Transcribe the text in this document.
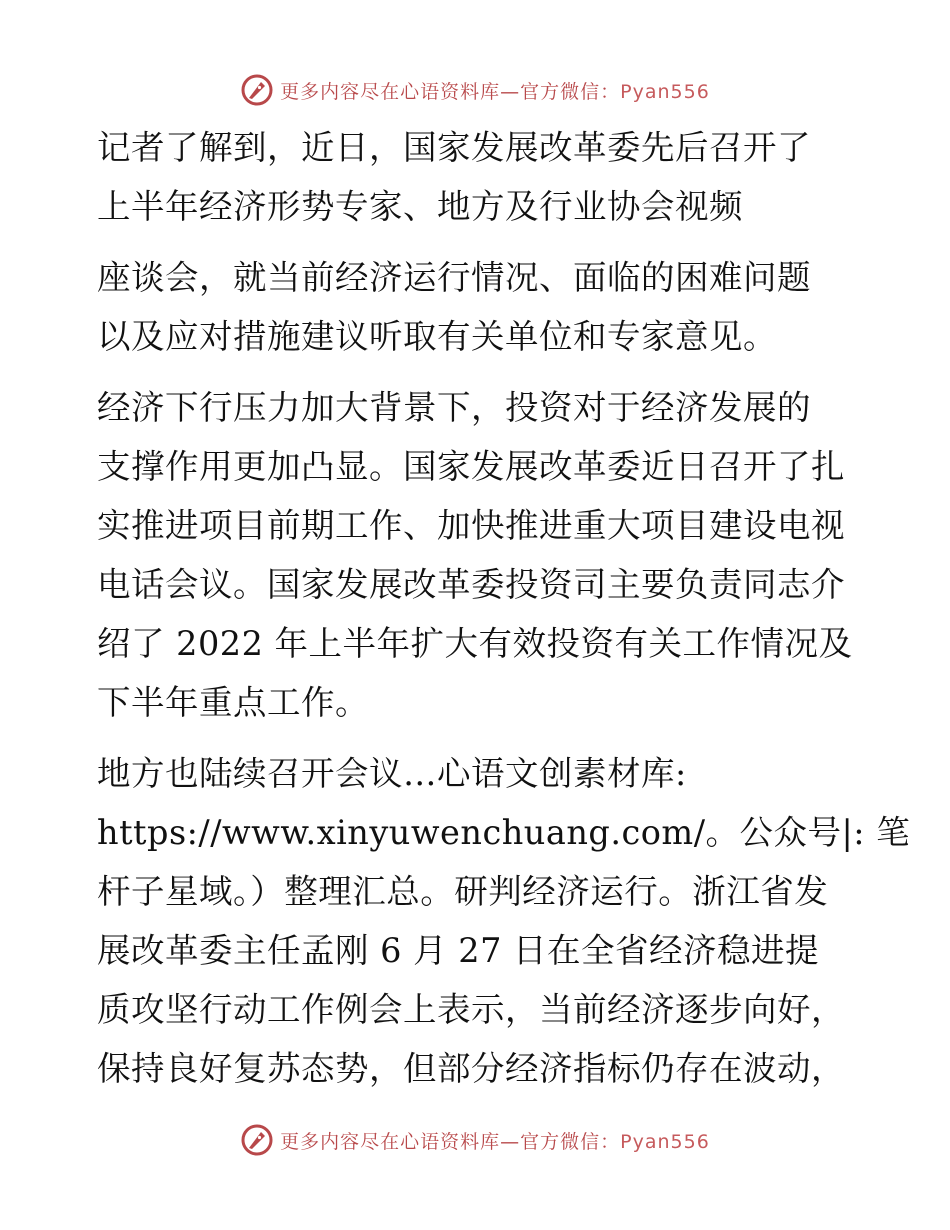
更多内容尽在心语资料库—官方微信：Pyan556

记者了解到，近日，国家发展改革委先后召开了
上半年经济形势专家、地方及行业协会视频

座谈会，就当前经济运行情况、面临的困难问题
以及应对措施建议听取有关单位和专家意见。

经济下行压力加大背景下，投资对于经济发展的
支撑作用更加凸显。国家发展改革委近日召开了扎
实推进项目前期工作、加快推进重大项目建设电视
电话会议。国家发展改革委投资司主要负责同志介
绍了 2022 年上半年扩大有效投资有关工作情况及
下半年重点工作。

地方也陆续召开会议…心语文创素材库:
https://www.xinyuwenchuang.com/。公众号|: 笔
杆子星域。）整理汇总。研判经济运行。浙江省发
展改革委主任孟刚 6 月 27 日在全省经济稳进提
质攻坚行动工作例会上表示，当前经济逐步向好，
保持良好复苏态势，但部分经济指标仍存在波动，

更多内容尽在心语资料库—官方微信：Pyan556
